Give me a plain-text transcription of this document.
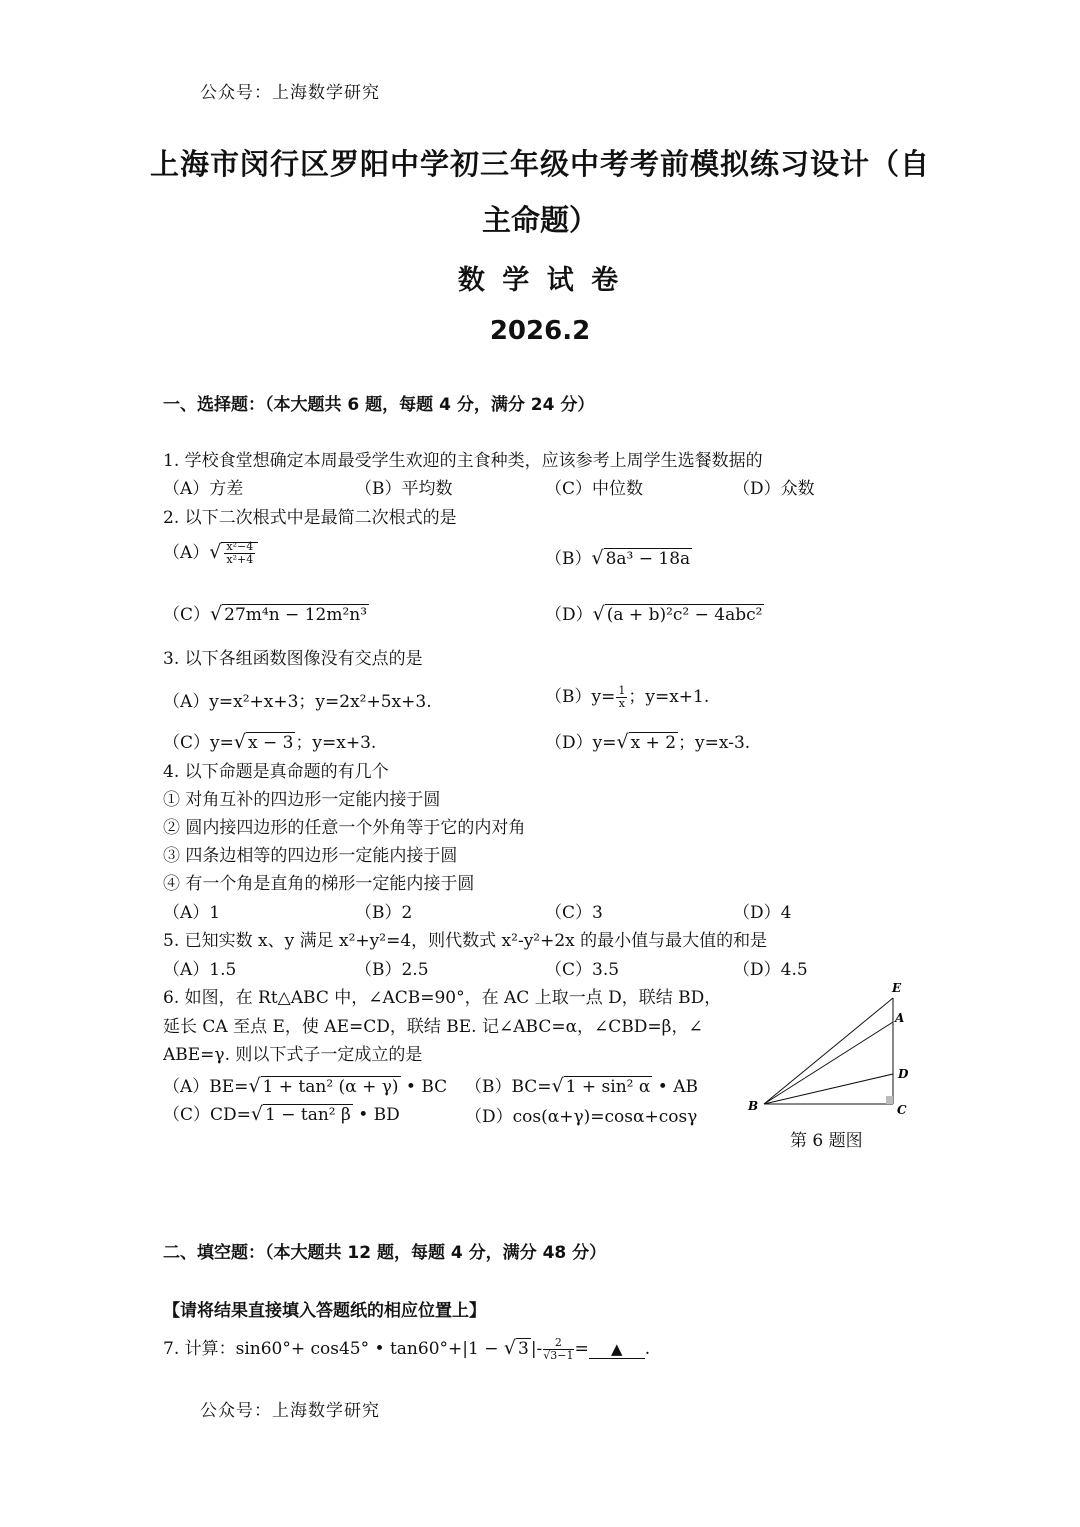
公众号：上海数学研究
上海市闵行区罗阳中学初三年级中考考前模拟练习设计（自
主命题）
数 学 试 卷
2026.2
一、选择题：（本大题共 6 题，每题 4 分，满分 24 分）
1. 学校食堂想确定本周最受学生欢迎的主食种类，应该参考上周学生选餐数据的
（A）方差	（B）平均数	（C）中位数	（D）众数
2. 以下二次根式中是最简二次根式的是
$(A)√ \frac{\text{x²−4}}{\text{x²+4}}$	（B）√ 8a³ − 18a
（C）√ 27m⁴n − 12m²n³	（D）√ (a + b)²c² − 4abc²
3. 以下各组函数图像没有交点的是
（A）y=x²+x+3；y=2x²+5x+3.	$(B)y= \frac{1}{x}$ ；y=x+1.
（C）y=√ x − 3 ；y=x+3.	（D）y=√ x + 2 ；y=x-3.
4. 以下命题是真命题的有几个
① 对角互补的四边形一定能内接于圆
② 圆内接四边形的任意一个外角等于它的内对角
③ 四条边相等的四边形一定能内接于圆
④ 有一个角是直角的梯形一定能内接于圆
（A）1	（B）2	（C）3	（D）4
5. 已知实数 x、y 满足 x²+y²=4，则代数式 x²-y²+2x 的最小值与最大值的和是
（A）1.5	（B）2.5	（C）3.5	（D）4.5
6. 如图，在 Rt△ABC 中，∠ACB=90°，在 AC 上取一点 D，联结 BD，
延长 CA 至点 E，使 AE=CD，联结 BE. 记∠ABC=α，∠CBD=β，∠
ABE=γ. 则以下式子一定成立的是
（A）BE=√ 1 + tan² (α + γ) • BC （B）BC=√ 1 + sin² α • AB
（C）CD=√ 1 − tan² β • BD	（D）cos(α+γ)=cosα+cosγ
E
A
D
B	C
第 6 题图
二、填空题：（本大题共 12 题，每题 4 分，满分 48 分）
【请将结果直接填入答题纸的相应位置上】
7. 计算：sin60°+ cos45° • tan60°+|1 − √ 3 |- $\frac{2}{√3-1}$ = ▲ .
公众号：上海数学研究
